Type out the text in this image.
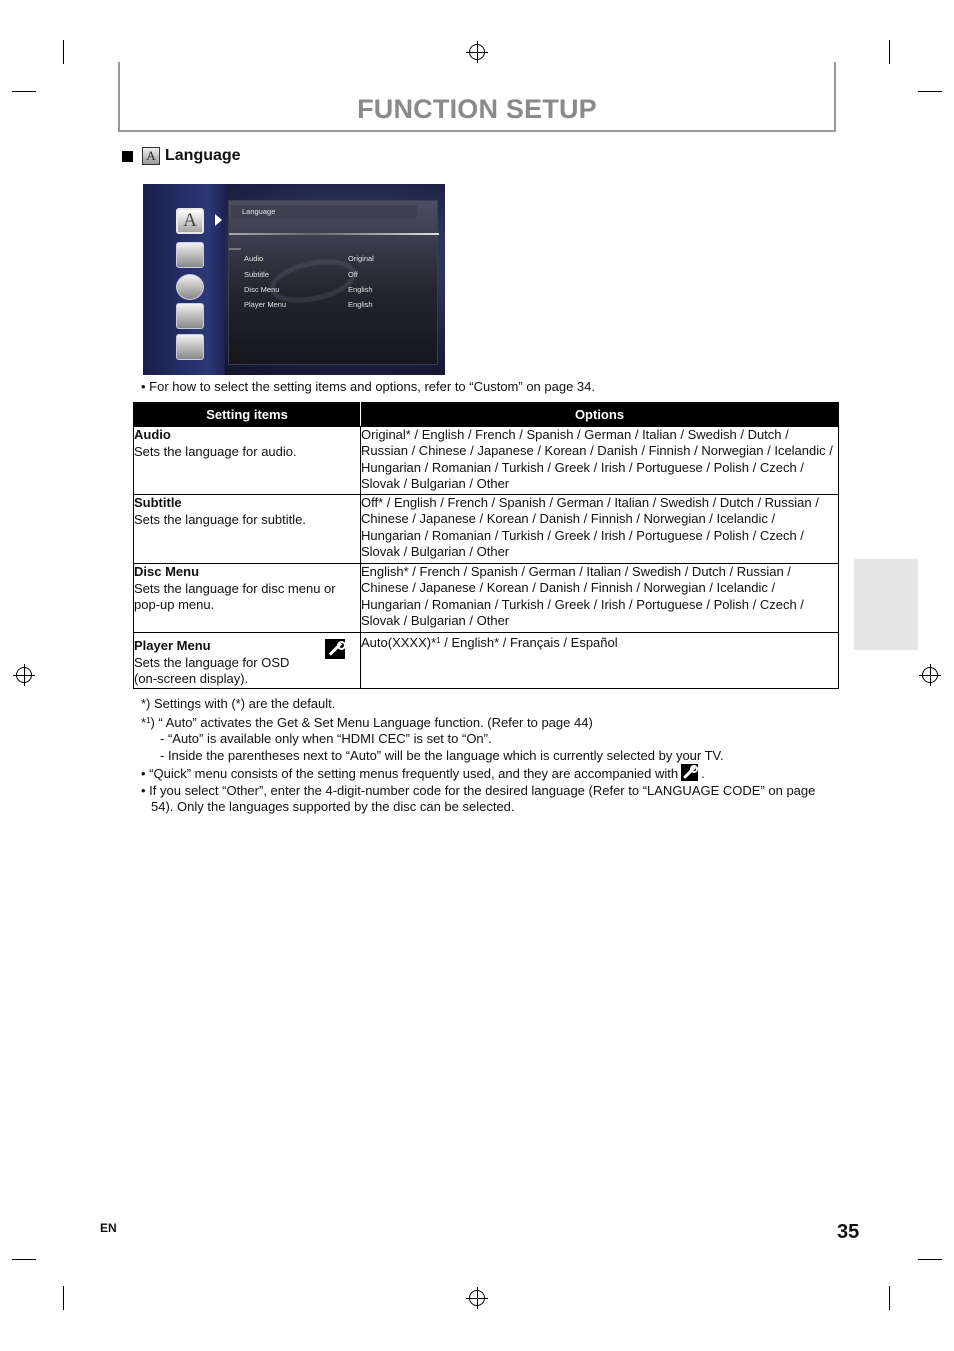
FUNCTION SETUP
A Language
A	Language
Audio	Original
Subtitle	Off
Disc Menu	English
Player Menu	English
• For how to select the setting items and options, refer to “Custom” on page 34.
Setting items	Options

Audio
Sets the language for audio.	Original* / English / French / Spanish / German / Italian / Swedish / Dutch / Russian / Chinese / Japanese / Korean / Danish / Finnish / Norwegian / Icelandic / Hungarian / Romanian / Turkish / Greek / Irish / Portuguese / Polish / Czech / Slovak / Bulgarian / Other

Subtitle
Sets the language for subtitle.	Off* / English / French / Spanish / German / Italian / Swedish / Dutch / Russian / Chinese / Japanese / Korean / Danish / Finnish / Norwegian / Icelandic / Hungarian / Romanian / Turkish / Greek / Irish / Portuguese / Polish / Czech / Slovak / Bulgarian / Other

Disc Menu
Sets the language for disc menu or pop-up menu.	English* / French / Spanish / German / Italian / Swedish / Dutch / Russian / Chinese / Japanese / Korean / Danish / Finnish / Norwegian / Icelandic / Hungarian / Romanian / Turkish / Greek / Irish / Portuguese / Polish / Czech / Slovak / Bulgarian / Other

Player Menu
Sets the language for OSD (on-screen display).	Auto(XXXX)*$^1$ / English* / Français / Español

*) Settings with (*) are the default.

*$^1$) “ Auto” activates the Get & Set Menu Language function. (Refer to page 44)

- “Auto” is available only when “HDMI CEC” is set to “On”.

- Inside the parentheses next to “Auto” will be the language which is currently selected by your TV.

• “Quick” menu consists of the setting menus frequently used, and they are accompanied with .

• If you select “Other”, enter the 4-digit-number code for the desired language (Refer to “LANGUAGE CODE” on page 54). Only the languages supported by the disc can be selected.

EN	35
